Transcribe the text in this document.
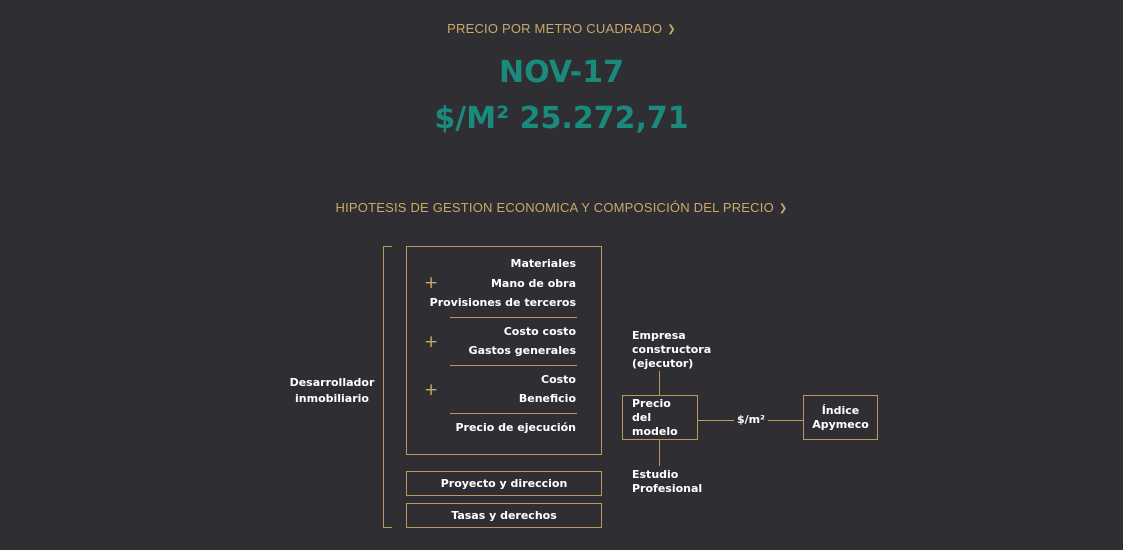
PRECIO POR METRO CUADRADO ❯
NOV-17
$/M² 25.272,71
HIPOTESIS DE GESTION ECONOMICA Y COMPOSICIÓN DEL PRECIO ❯
Desarrollador
inmobiliario
Materiales
Mano de obra
Provisiones de terceros
+
Costo costo
Gastos generales
+
Costo
Beneficio
+
Precio de ejecución
Proyecto y direccion
Tasas y derechos
Empresa
constructora
(ejecutor)
Precio
del modelo
$/m²
Índice
Apymeco
Estudio
Profesional
